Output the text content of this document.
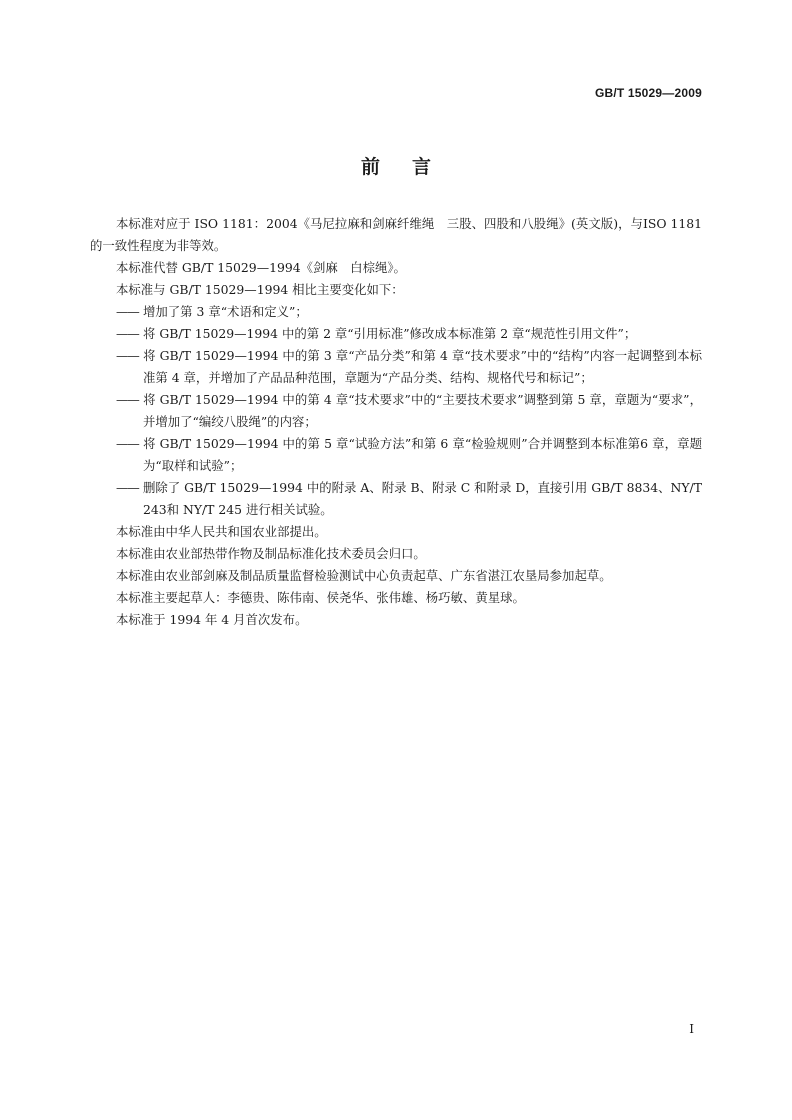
GB/T 15029—2009
前言

本标准对应于 ISO 1181：2004《马尼拉麻和剑麻纤维绳　三股、四股和八股绳》(英文版)，与ISO 1181的一致性程度为非等效。

本标准代替 GB/T 15029—1994《剑麻　白棕绳》。

本标准与 GB/T 15029—1994 相比主要变化如下：

—— 增加了第 3 章“术语和定义”；

—— 将 GB/T 15029—1994 中的第 2 章“引用标准”修改成本标准第 2 章“规范性引用文件”；

—— 将 GB/T 15029—1994 中的第 3 章“产品分类”和第 4 章“技术要求”中的“结构”内容一起调整到本标准第 4 章，并增加了产品品种范围，章题为“产品分类、结构、规格代号和标记”；

—— 将 GB/T 15029—1994 中的第 4 章“技术要求”中的“主要技术要求”调整到第 5 章，章题为“要求”，并增加了“编绞八股绳”的内容；

—— 将 GB/T 15029—1994 中的第 5 章“试验方法”和第 6 章“检验规则”合并调整到本标准第6 章，章题为“取样和试验”；

—— 删除了 GB/T 15029—1994 中的附录 A、附录 B、附录 C 和附录 D，直接引用 GB/T 8834、NY/T 243和 NY/T 245 进行相关试验。

本标准由中华人民共和国农业部提出。

本标准由农业部热带作物及制品标准化技术委员会归口。

本标准由农业部剑麻及制品质量监督检验测试中心负责起草、广东省湛江农垦局参加起草。

本标准主要起草人：李德贵、陈伟南、侯尧华、张伟雄、杨巧敏、黄星球。

本标准于 1994 年 4 月首次发布。

I
